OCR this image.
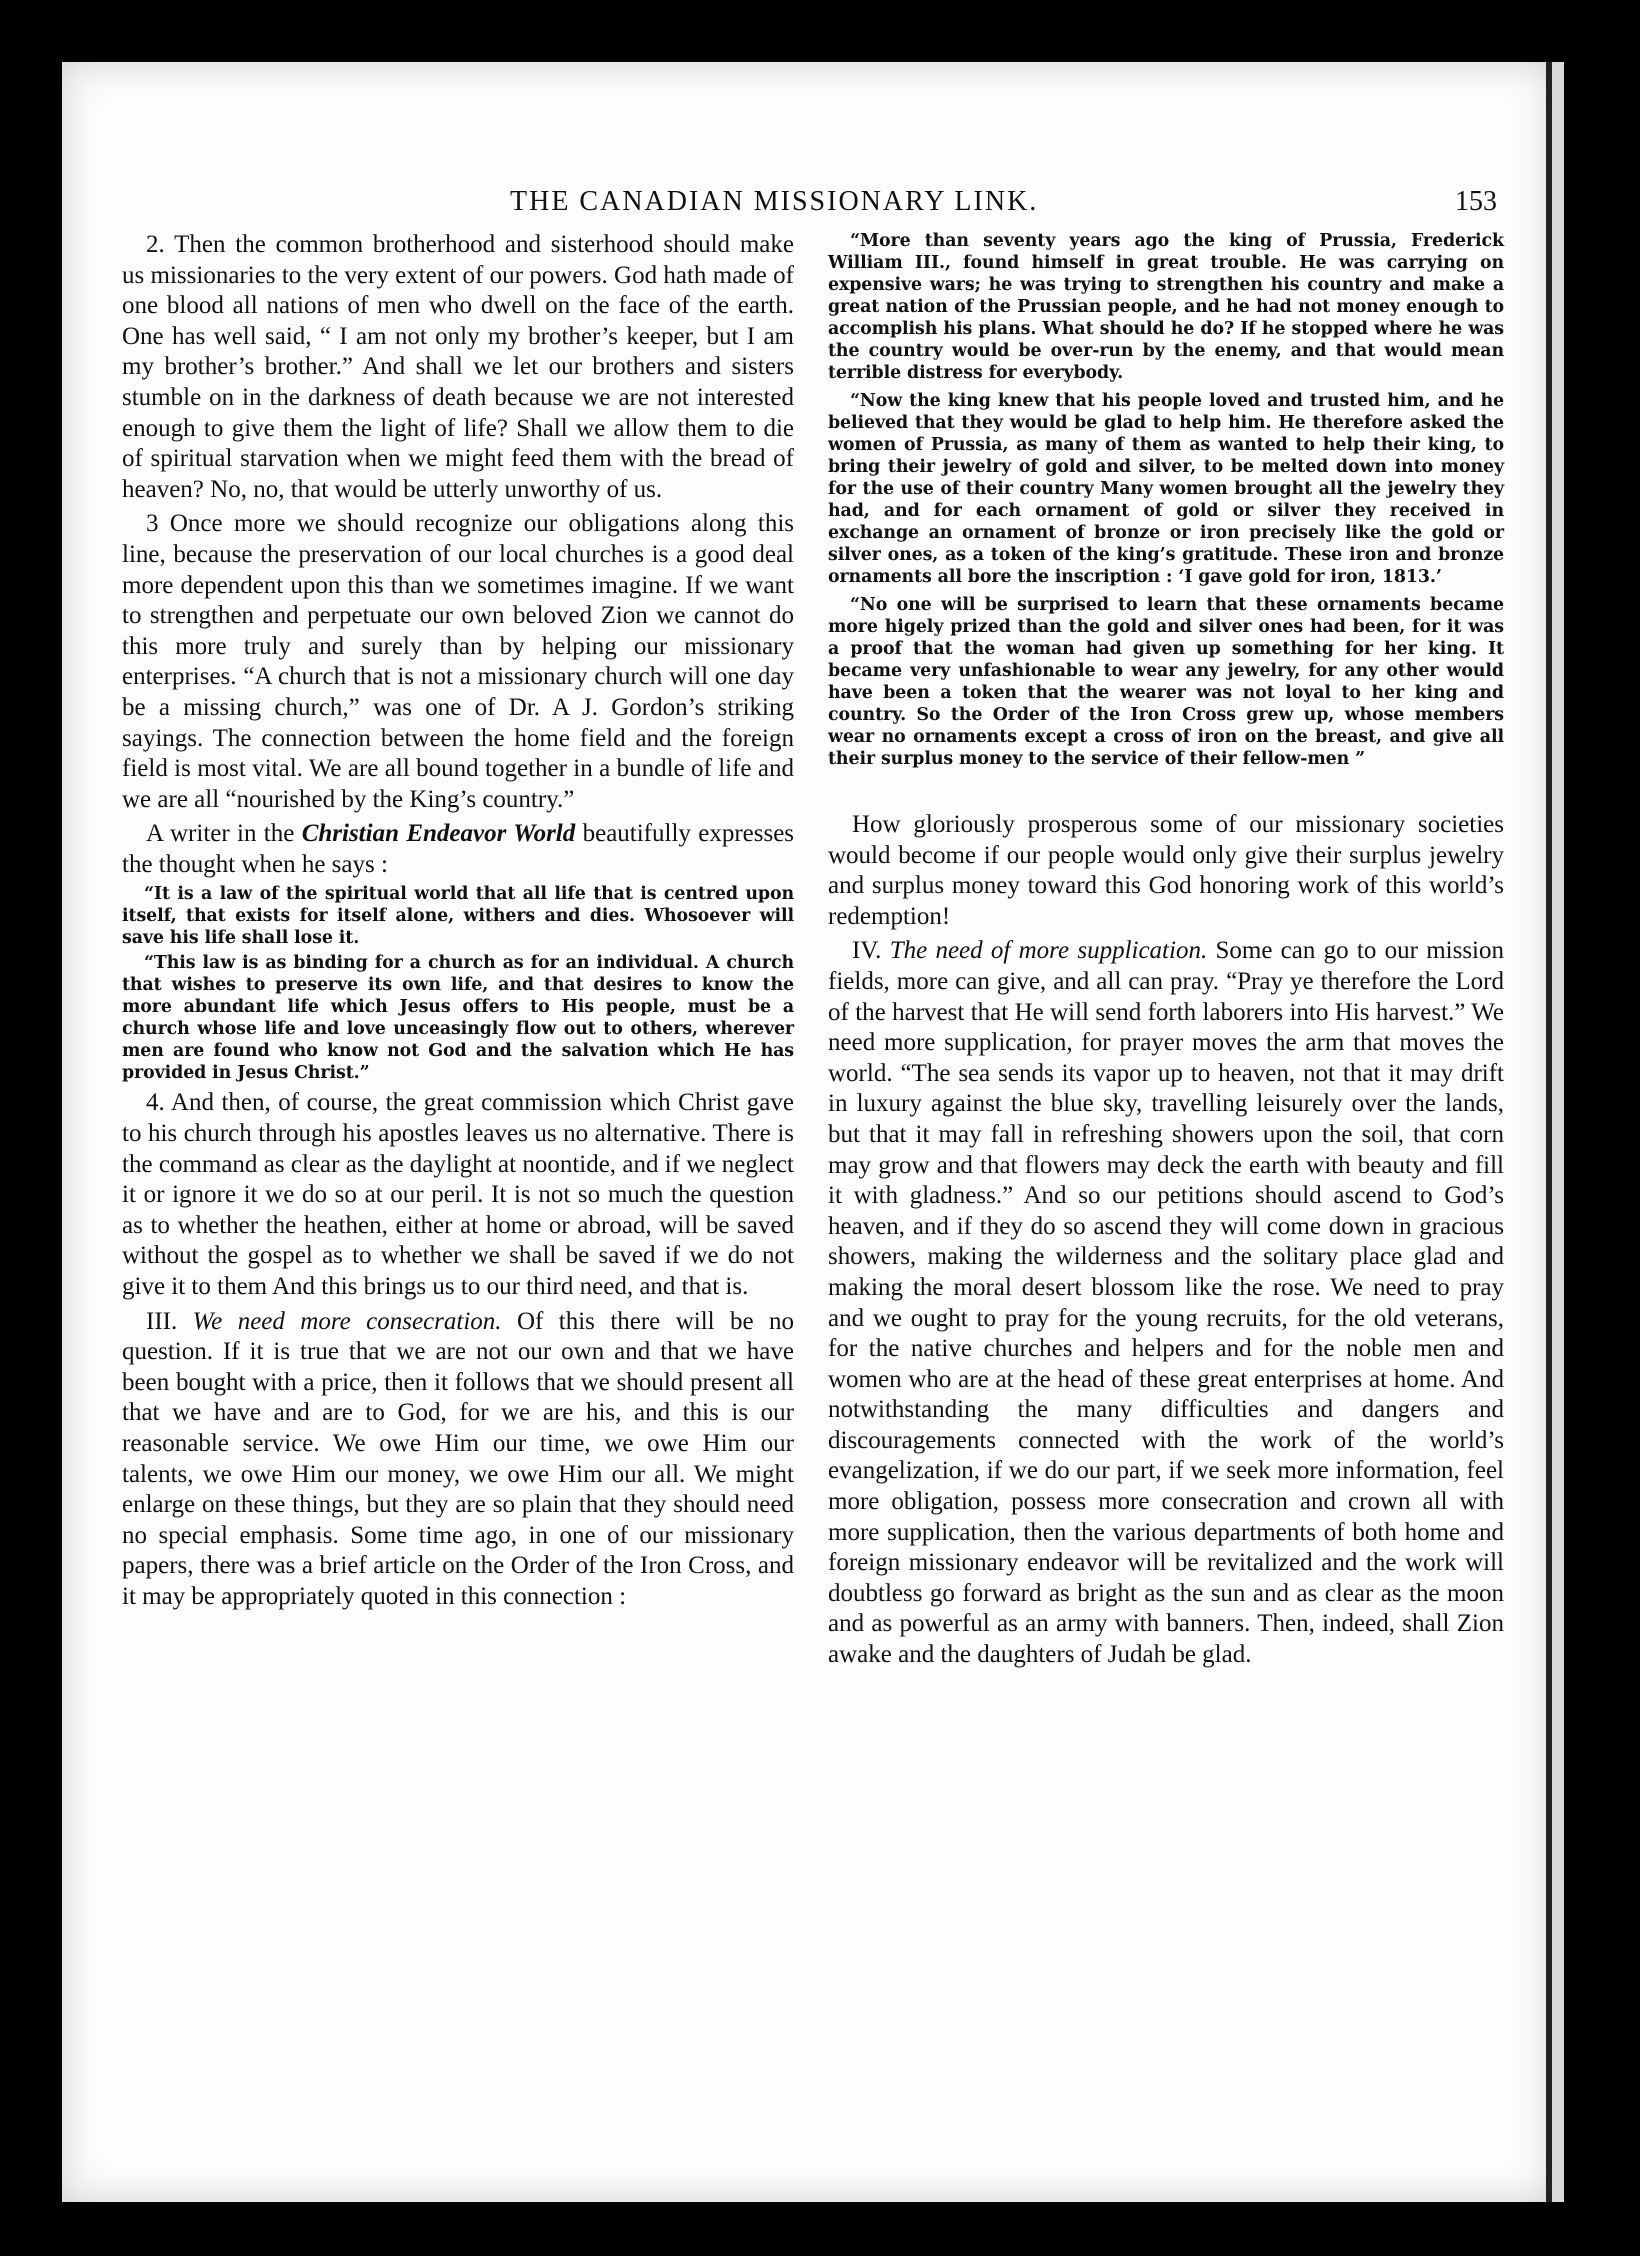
THE CANADIAN MISSIONARY LINK.	153

2. Then the common brotherhood and sisterhood should make us missionaries to the very extent of our powers. God hath made of one blood all nations of men who dwell on the face of the earth. One has well said, “ I am not only my brother’s keeper, but I am my brother’s brother.” And shall we let our brothers and sisters stumble on in the darkness of death because we are not interested enough to give them the light of life? Shall we allow them to die of spiritual starvation when we might feed them with the bread of heaven? No, no, that would be utterly unworthy of us.

3 Once more we should recognize our obligations along this line, because the preservation of our local churches is a good deal more dependent upon this than we sometimes imagine. If we want to strengthen and perpetuate our own beloved Zion we cannot do this more truly and surely than by helping our missionary enterprises. “A church that is not a missionary church will one day be a missing church,” was one of Dr. A J. Gordon’s striking sayings. The connection between the home field and the foreign field is most vital. We are all bound together in a bundle of life and we are all “nourished by the King’s country.”

A writer in the Christian Endeavor World beautifully expresses the thought when he says :

“It is a law of the spiritual world that all life that is centred upon itself, that exists for itself alone, withers and dies. Whosoever will save his life shall lose it.

“This law is as binding for a church as for an individual. A church that wishes to preserve its own life, and that desires to know the more abundant life which Jesus offers to His people, must be a church whose life and love unceasingly flow out to others, wherever men are found who know not God and the salvation which He has provided in Jesus Christ.”

4. And then, of course, the great commission which Christ gave to his church through his apostles leaves us no alternative. There is the command as clear as the daylight at noontide, and if we neglect it or ignore it we do so at our peril. It is not so much the question as to whether the heathen, either at home or abroad, will be saved without the gospel as to whether we shall be saved if we do not give it to them And this brings us to our third need, and that is.

III. We need more consecration. Of this there will be no question. If it is true that we are not our own and that we have been bought with a price, then it follows that we should present all that we have and are to God, for we are his, and this is our reasonable service. We owe Him our time, we owe Him our talents, we owe Him our money, we owe Him our all. We might enlarge on these things, but they are so plain that they should need no special emphasis. Some time ago, in one of our missionary papers, there was a brief article on the Order of the Iron Cross, and it may be appropriately quoted in this connection :

“More than seventy years ago the king of Prussia, Frederick William III., found himself in great trouble. He was carrying on expensive wars; he was trying to strengthen his country and make a great nation of the Prussian people, and he had not money enough to accomplish his plans. What should he do? If he stopped where he was the country would be over-run by the enemy, and that would mean terrible distress for everybody.

“Now the king knew that his people loved and trusted him, and he believed that they would be glad to help him. He therefore asked the women of Prussia, as many of them as wanted to help their king, to bring their jewelry of gold and silver, to be melted down into money for the use of their country Many women brought all the jewelry they had, and for each ornament of gold or silver they received in exchange an ornament of bronze or iron precisely like the gold or silver ones, as a token of the king’s gratitude. These iron and bronze ornaments all bore the inscription : ‘I gave gold for iron, 1813.’

“No one will be surprised to learn that these ornaments became more higely prized than the gold and silver ones had been, for it was a proof that the woman had given up something for her king. It became very unfashionable to wear any jewelry, for any other would have been a token that the wearer was not loyal to her king and country. So the Order of the Iron Cross grew up, whose members wear no ornaments except a cross of iron on the breast, and give all their surplus money to the service of their fellow-men ”

How gloriously prosperous some of our missionary societies would become if our people would only give their surplus jewelry and surplus money toward this God honoring work of this world’s redemption!

IV. The need of more supplication. Some can go to our mission fields, more can give, and all can pray. “Pray ye therefore the Lord of the harvest that He will send forth laborers into His harvest.” We need more supplication, for prayer moves the arm that moves the world. “The sea sends its vapor up to heaven, not that it may drift in luxury against the blue sky, travelling leisurely over the lands, but that it may fall in refreshing showers upon the soil, that corn may grow and that flowers may deck the earth with beauty and fill it with gladness.” And so our petitions should ascend to God’s heaven, and if they do so ascend they will come down in gracious showers, making the wilderness and the solitary place glad and making the moral desert blossom like the rose. We need to pray and we ought to pray for the young recruits, for the old veterans, for the native churches and helpers and for the noble men and women who are at the head of these great enterprises at home. And notwithstanding the many difficulties and dangers and discouragements connected with the work of the world’s evangelization, if we do our part, if we seek more information, feel more obligation, possess more consecration and crown all with more supplication, then the various departments of both home and foreign missionary endeavor will be revitalized and the work will doubtless go forward as bright as the sun and as clear as the moon and as powerful as an army with banners. Then, indeed, shall Zion awake and the daughters of Judah be glad.
